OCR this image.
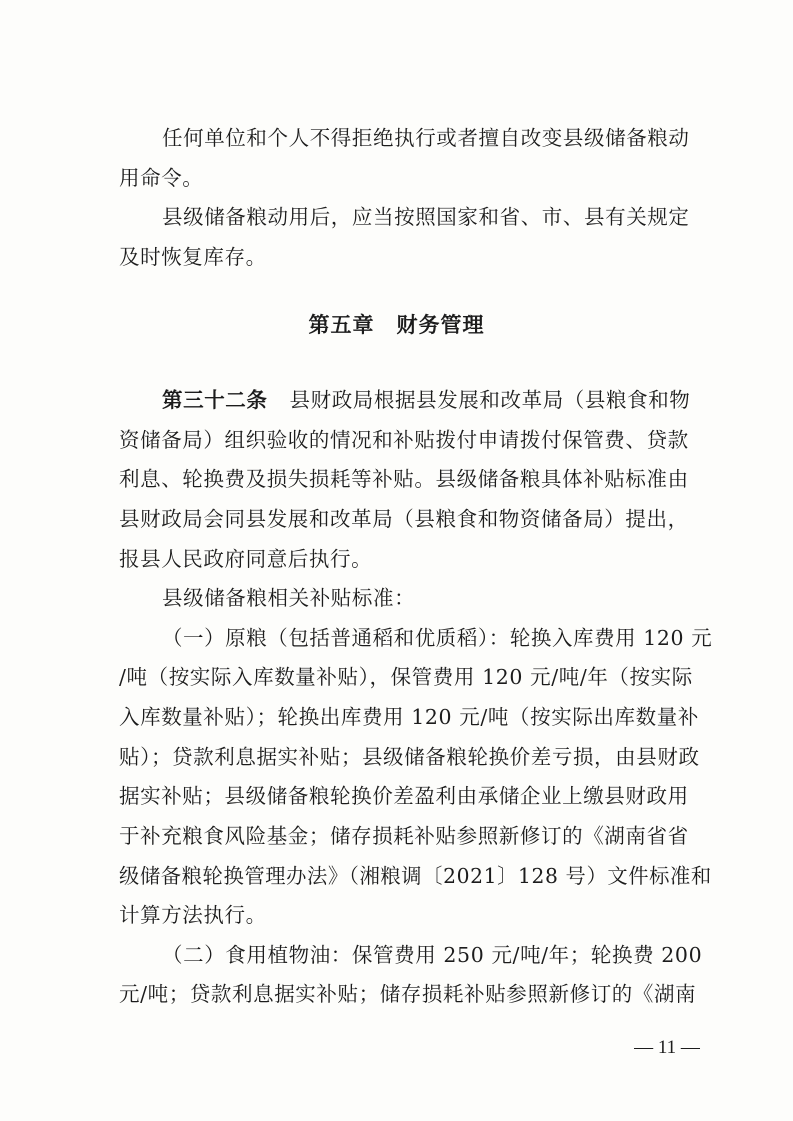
任何单位和个人不得拒绝执行或者擅自改变县级储备粮动
用命令。
县级储备粮动用后，应当按照国家和省、市、县有关规定
及时恢复库存。
第五章 财务管理
第三十二条 县财政局根据县发展和改革局（县粮食和物
资储备局）组织验收的情况和补贴拨付申请拨付保管费、贷款
利息、轮换费及损失损耗等补贴。县级储备粮具体补贴标准由
县财政局会同县发展和改革局（县粮食和物资储备局）提出，
报县人民政府同意后执行。
县级储备粮相关补贴标准：
（一）原粮（包括普通稻和优质稻）：轮换入库费用 120 元
/吨（按实际入库数量补贴），保管费用 120 元/吨/年（按实际
入库数量补贴）；轮换出库费用 120 元/吨（按实际出库数量补
贴）；贷款利息据实补贴；县级储备粮轮换价差亏损，由县财政
据实补贴；县级储备粮轮换价差盈利由承储企业上缴县财政用
于补充粮食风险基金；储存损耗补贴参照新修订的《湖南省省
级储备粮轮换管理办法》（湘粮调〔2021〕128 号）文件标准和
计算方法执行。
（二）食用植物油：保管费用 250 元/吨/年；轮换费 200
元/吨；贷款利息据实补贴；储存损耗补贴参照新修订的《湖南
— 11 —
